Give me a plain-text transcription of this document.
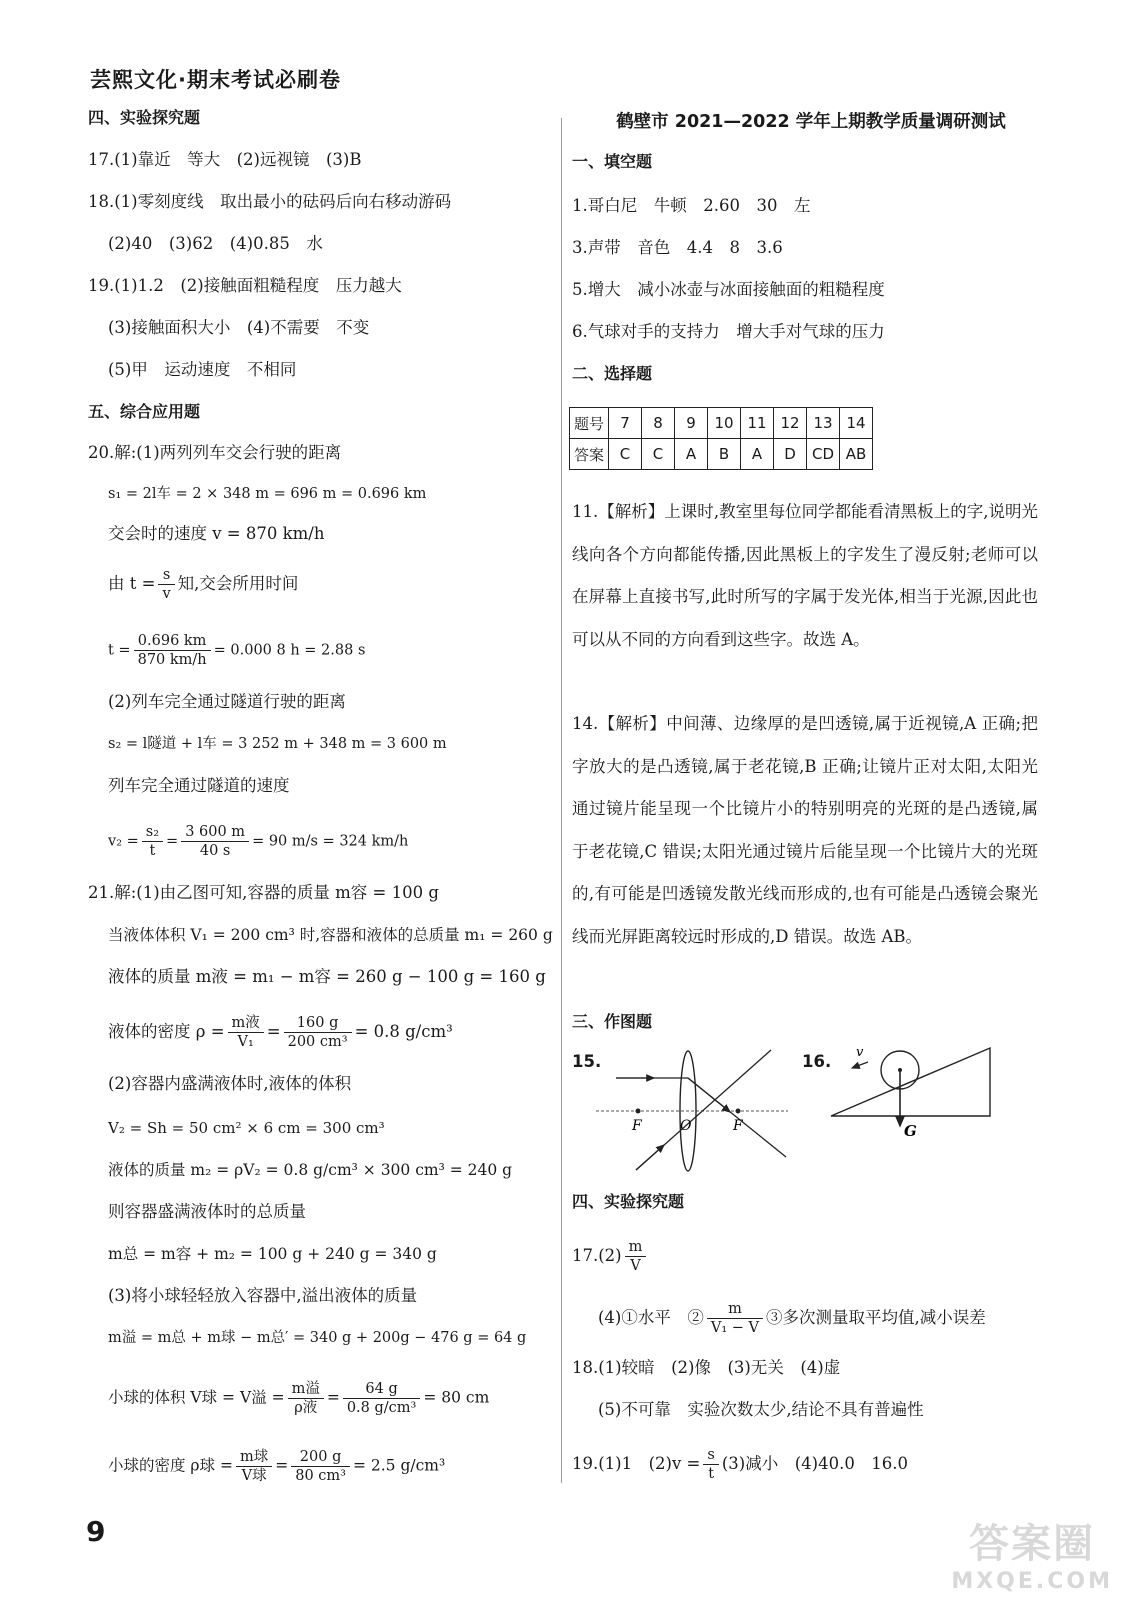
芸熙文化·期末考试必刷卷
四、实验探究题
17.(1)靠近　等大　(2)远视镜　(3)B
18.(1)零刻度线　取出最小的砝码后向右移动游码
(2)40　(3)62　(4)0.85　水
19.(1)1.2　(2)接触面粗糙程度　压力越大
(3)接触面积大小　(4)不需要　不变
(5)甲　运动速度　不相同
五、综合应用题
20.解:(1)两列列车交会行驶的距离
s₁ = 2l车 = 2 × 348 m = 696 m = 0.696 km
交会时的速度 v = 870 km/h
由 $t = \frac{s}{v}$ 知,交会所用时间
$t = \frac{0.696 km}{870 km/h} = 0.000$ 8 h = 2.88 s
(2)列车完全通过隧道行驶的距离
s₂ = l隧道 + l车 = 3 252 m + 348 m = 3 600 m
列车完全通过隧道的速度
$v_2 = \frac{\text{s₂}}{t} = \frac{3 600 m}{40 s} = 90$ m/s = 324 km/h
21.解:(1)由乙图可知,容器的质量 m容 = 100 g
当液体体积 V₁ = 200 cm³ 时,容器和液体的总质量 m₁ = 260 g
液体的质量 m液 = m₁ − m容 = 260 g − 100 g = 160 g
液体的密度 $\rho = \frac{\text{m液}}{\text{V₁}} = \frac{160 g}{\text{200 cm³}} = 0.8$ g/cm³
(2)容器内盛满液体时,液体的体积
V₂ = Sh = 50 cm² × 6 cm = 300 cm³
液体的质量 m₂ = ρV₂ = 0.8 g/cm³ × 300 cm³ = 240 g
则容器盛满液体时的总质量
m总 = m容 + m₂ = 100 g + 240 g = 340 g
(3)将小球轻轻放入容器中,溢出液体的质量
m溢 = m总 + m球 − m总′ = 340 g + 200g − 476 g = 64 g
小球的体积 V球 = V溢 = $\frac{\text{m溢}}{\text{ρ液}} = \frac{64 g}{\text{0.8 g/cm³}} = 80$ cm
小球的密度 ρ球 = $\frac{\text{m球}}{\text{V球}} = \frac{200 g}{\text{80 cm³}} = 2.5$ g/cm³
鹤壁市 2021—2022 学年上期教学质量调研测试
一、填空题
1.哥白尼　牛顿　2.60　30　左
3.声带　音色　4.4　8　3.6
5.增大　减小冰壶与冰面接触面的粗糙程度
6.气球对手的支持力　增大手对气球的压力
二、选择题
题号	7	8	9	10	11	12	13	14
答案	C	C	A	B	A	D	CD	AB
11.【解析】上课时,教室里每位同学都能看清黑板上的字,说明光线向各个方向都能传播,因此黑板上的字发生了漫反射;老师可以在屏幕上直接书写,此时所写的字属于发光体,相当于光源,因此也可以从不同的方向看到这些字。故选 A。
14.【解析】中间薄、边缘厚的是凹透镜,属于近视镜,A 正确;把字放大的是凸透镜,属于老花镜,B 正确;让镜片正对太阳,太阳光通过镜片能呈现一个比镜片小的特别明亮的光斑的是凸透镜,属于老花镜,C 错误;太阳光通过镜片后能呈现一个比镜片大的光斑的,有可能是凹透镜发散光线而形成的,也有可能是凸透镜会聚光线而光屏距离较远时形成的,D 错误。故选 AB。
三、作图题
15.
F	O	F
16. v
G
四、实验探究题
$17.(2) \frac{m}{V}$
(4)①水平　② $\frac{m}{\text{V₁ − V}}$ ③多次测量取平均值,减小误差
18.(1)较暗　(2)像　(3)无关　(4)虚
(5)不可靠　实验次数太少,结论不具有普遍性
19.(1)1　$(2)v = \frac{s}{t} (3)$减小　(4)40.0　16.0
9	答案圈
MXQE.COM
